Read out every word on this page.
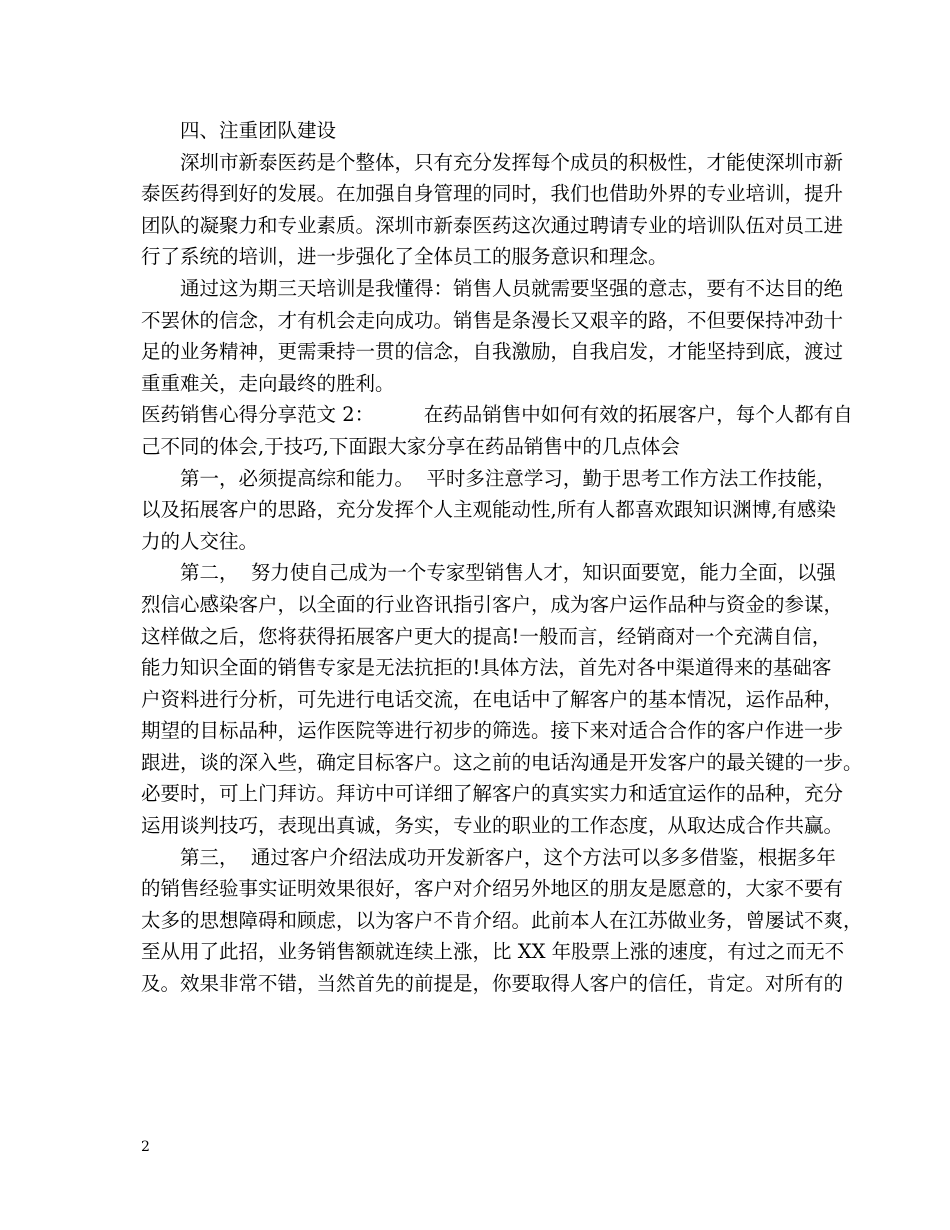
四、注重团队建设
深圳市新泰医药是个整体，只有充分发挥每个成员的积极性，才能使深圳市新
泰医药得到好的发展。在加强自身管理的同时，我们也借助外界的专业培训，提升
团队的凝聚力和专业素质。深圳市新泰医药这次通过聘请专业的培训队伍对员工进
行了系统的培训，进一步强化了全体员工的服务意识和理念。
通过这为期三天培训是我懂得：销售人员就需要坚强的意志，要有不达目的绝
不罢休的信念，才有机会走向成功。销售是条漫长又艰辛的路，不但要保持冲劲十
足的业务精神，更需秉持一贯的信念，自我激励，自我启发，才能坚持到底，渡过
重重难关，走向最终的胜利。
医药销售心得分享范文 2：        在药品销售中如何有效的拓展客户，每个人都有自
己不同的体会,于技巧,下面跟大家分享在药品销售中的几点体会
第一，必须提高综和能力。  平时多注意学习，勤于思考工作方法工作技能，
以及拓展客户的思路，充分发挥个人主观能动性,所有人都喜欢跟知识渊博,有感染
力的人交往。
第二，  努力使自己成为一个专家型销售人才，知识面要宽，能力全面，以强
烈信心感染客户，以全面的行业咨讯指引客户，成为客户运作品种与资金的参谋，
这样做之后，您将获得拓展客户更大的提高!一般而言，经销商对一个充满自信，
能力知识全面的销售专家是无法抗拒的!具体方法，首先对各中渠道得来的基础客
户资料进行分析，可先进行电话交流，在电话中了解客户的基本情况，运作品种，
期望的目标品种，运作医院等进行初步的筛选。接下来对适合合作的客户作进一步
跟进，谈的深入些，确定目标客户。这之前的电话沟通是开发客户的最关键的一步。
必要时，可上门拜访。拜访中可详细了解客户的真实实力和适宜运作的品种，充分
运用谈判技巧，表现出真诚，务实，专业的职业的工作态度，从取达成合作共赢。
第三，  通过客户介绍法成功开发新客户，这个方法可以多多借鉴，根据多年
的销售经验事实证明效果很好，客户对介绍另外地区的朋友是愿意的，大家不要有
太多的思想障碍和顾虑，以为客户不肯介绍。此前本人在江苏做业务，曾屡试不爽，
至从用了此招，业务销售额就连续上涨，比 XX 年股票上涨的速度，有过之而无不
及。效果非常不错，当然首先的前提是，你要取得人客户的信任，肯定。对所有的
2
